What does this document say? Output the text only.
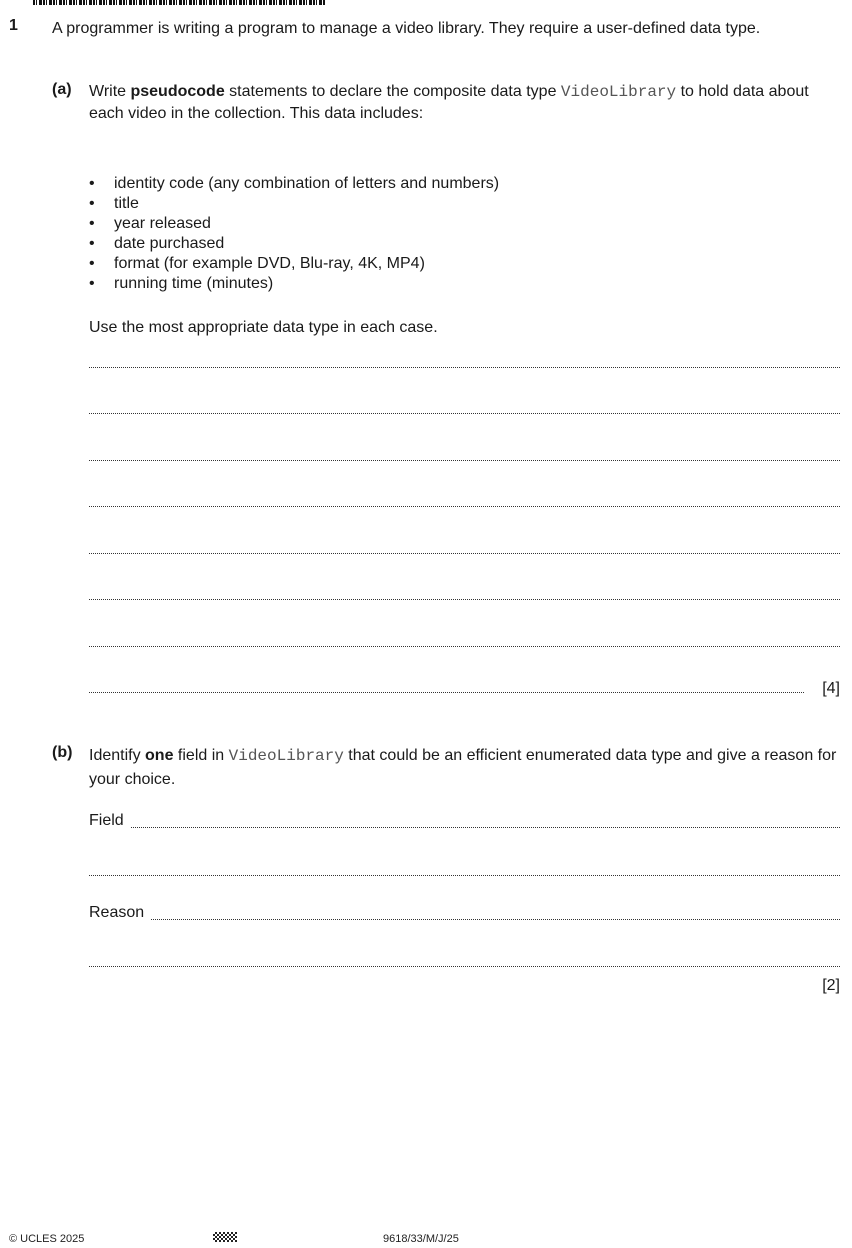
1 A programmer is writing a program to manage a video library. They require a user-defined data type.
(a) Write pseudocode statements to declare the composite data type VideoLibrary to hold data about each video in the collection. This data includes:
• identity code (any combination of letters and numbers)
• title
• year released
• date purchased
• format (for example DVD, Blu-ray, 4K, MP4)
• running time (minutes)
Use the most appropriate data type in each case.
[4]
(b) Identify one field in VideoLibrary that could be an efficient enumerated data type and give a reason for your choice.
Field
Reason
[2]
© UCLES 2025	9618/33/M/J/25
